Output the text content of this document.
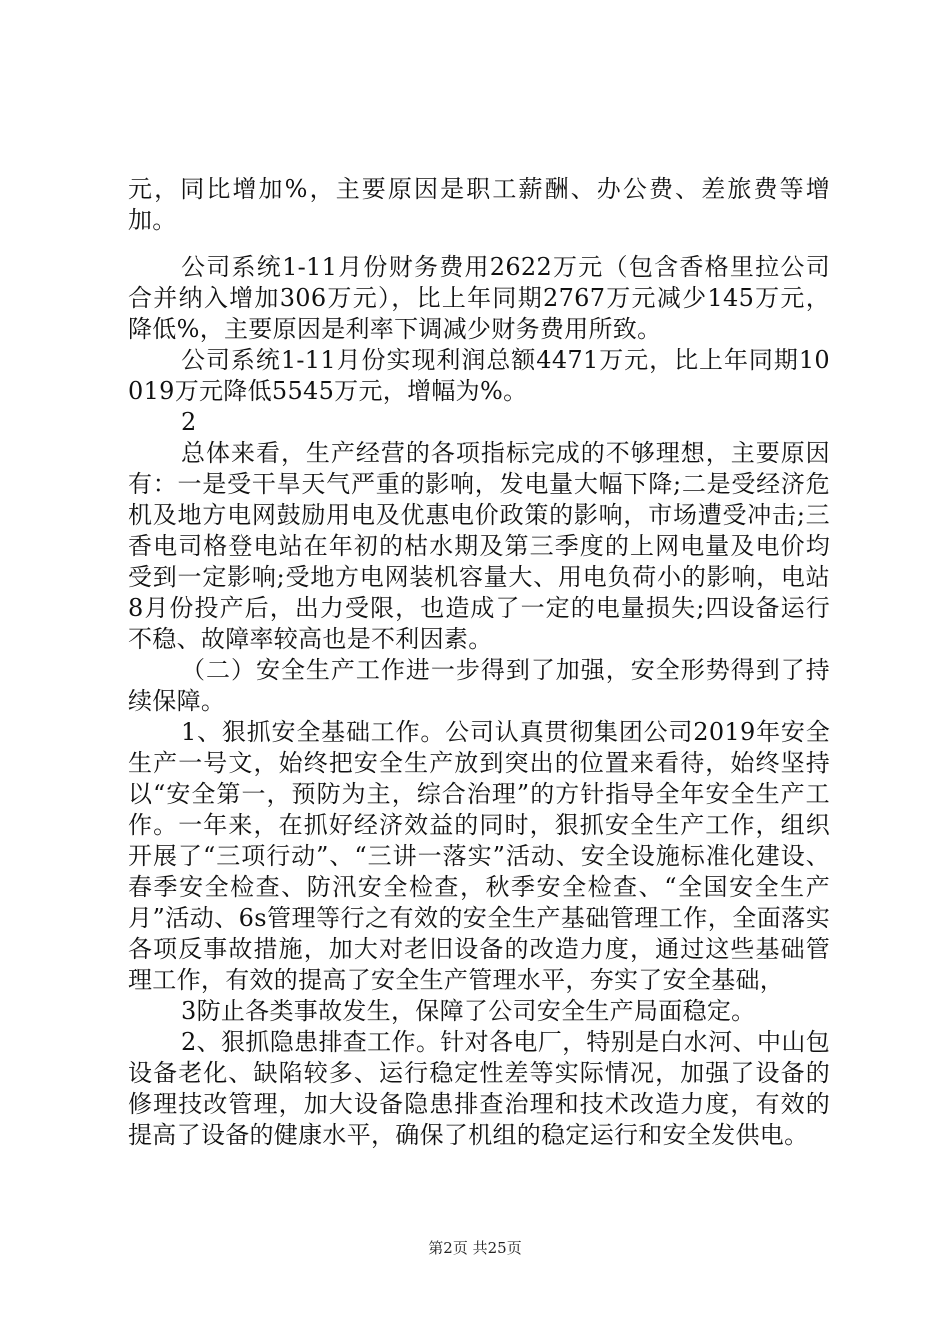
元，同比增加%，主要原因是职工薪酬、办公费、差旅费等增加。

公司系统1-11月份财务费用2622万元（包含香格里拉公司合并纳入增加306万元），比上年同期2767万元减少145万元，降低%，主要原因是利率下调减少财务费用所致。

公司系统1-11月份实现利润总额4471万元，比上年同期10019万元降低5545万元，增幅为%。

2

总体来看，生产经营的各项指标完成的不够理想，主要原因有：一是受干旱天气严重的影响，发电量大幅下降;二是受经济危机及地方电网鼓励用电及优惠电价政策的影响，市场遭受冲击;三香电司格登电站在年初的枯水期及第三季度的上网电量及电价均受到一定影响;受地方电网装机容量大、用电负荷小的影响，电站8月份投产后，出力受限，也造成了一定的电量损失;四设备运行不稳、故障率较高也是不利因素。

（二）安全生产工作进一步得到了加强，安全形势得到了持续保障。

1、狠抓安全基础工作。公司认真贯彻集团公司2019年安全生产一号文，始终把安全生产放到突出的位置来看待，始终坚持以“安全第一，预防为主，综合治理”的方针指导全年安全生产工作。一年来，在抓好经济效益的同时，狠抓安全生产工作，组织开展了“三项行动”、“三讲一落实”活动、安全设施标准化建设、春季安全检查、防汛安全检查，秋季安全检查、“全国安全生产月”活动、6s管理等行之有效的安全生产基础管理工作，全面落实各项反事故措施，加大对老旧设备的改造力度，通过这些基础管理工作，有效的提高了安全生产管理水平，夯实了安全基础，

3防止各类事故发生，保障了公司安全生产局面稳定。

2、狠抓隐患排查工作。针对各电厂，特别是白水河、中山包设备老化、缺陷较多、运行稳定性差等实际情况，加强了设备的修理技改管理，加大设备隐患排查治理和技术改造力度，有效的提高了设备的健康水平，确保了机组的稳定运行和安全发供电。

第2页 共25页
